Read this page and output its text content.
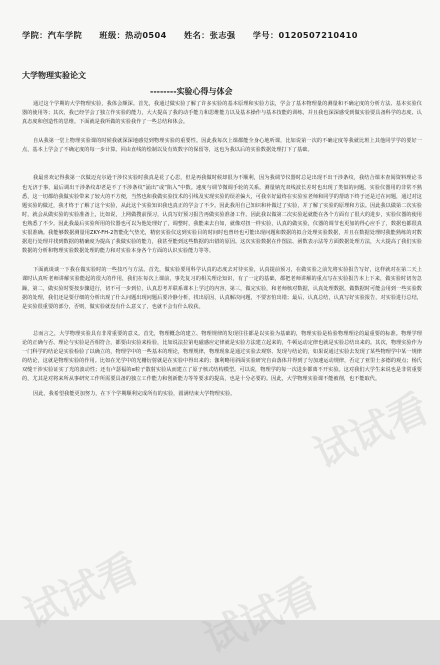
学院：汽车学院 班级：热动0504 姓名：张志强 学号：0120507210410
大学物理实验论文
--------实验心得与体会

通过这个学期的大学物理实验，我体会颇深。首先，我通过做实验了解了许多实验的基本原理和实验方法，学会了基本物理量的测量和不确定度的分析方法、基本实验仪器的使用等；其次，我已经学会了独立作实验的能力，大大提高了我的动手能力和思维能力以及基本操作与基本技能的训练，并且我也深深感受到做实验要具备科学的态度、认真态度和创造性的思维。下面就是我所做的实验我作了一些总结和体会。

自从我第一堂上物理实验课的时候我就深深地感觉到物理实验的重要性。因此我每次上课都能全身心地听课，比如说第一次的不确定度等我就比班上其他同学学的要好一点，基本上学会了不确定度的每一步计算。回由直线的绘制以及有效数字的保留等，这也为我以后的实验数据处理打下了基础。

我最喜欢记得我第一次做迈克尔逊干涉仪实验时我真是花了心思，但是再我做时候却很为不顺利，因为我调节仪器时总是出现不出干涉条纹，我结合课本查阅资料理论书也无济于事，最后调出干涉条纹却老是不了不涉条纹“涌出”或“陷入”中数。速度与调节微调手轮的关系。测量钠光双线波长差时也出现了类似的问题。实验仪器用的非常不熟悉，这一切都给我做实验带来了较大的不方便，当然也和我做实验技术的引线及实现实验的误差偏大，可我幸好最终在实验室老师和同学的帮助下终于还是过在问题，通过对这题实验的做过，我才终于了解了这个实验，从此这个实验知识我也真正的学会了不少。因此我用自己知识和补做过了实验，并了解了实验的原理和方法。因此我以做第二次实验时，就会从做实验的实验准备上，比如说，上网做搜前预习，认真写好预习报告再做实验准备工作。因此我以做第二次实验起就能在各个方面有了很大的进步，实验仪器的使用也熟悉了不少。因此我最后实验所用的仪器也可以为他处理好了，调整时，我能来去自如，就像对扭一样实验，认真的做实验，仪器的调节也更加的得心应手了，数据也都很真实很准确。我能够数据测量用ZKY-FH-2智能化气垫光，精密实验仪这到实验目的时间时也曾经也可能出现问题和数据的拟合处理实验数据，并且在数据处理时我能熟练的对数据进行处理并找到数据的精确度为提高了我做实验的能力，我甚至能到这些数据的出错的原因。这次实验数据在作图法、函数表示法等方面数据处理方法，大大提高了我们实验数据的分析和物理实验数据处理的能力和对实验本身各个方面的认识实验能力等等。

下面就谈谈一下我在做实验时的一些技巧与方法。首先，做实验要用科学认真的态度去对待实验，认真提前预习，在做实验之前先将实验报告写好，这样就对在第二天上课时认真听老师讲解实验能起的很大的作用，我们在每次上课前，事先复习的相关理论知识，有了一定的基础，都把老师讲解的重点写在实验报告本上下来，做实验时切勿急躁，第二，做实验时要按步骤进行，切不可一步到位，认真思考并联系课本上学过的内容，第三，做完实验，和老师核对数据，认真处理数据，做数据时可能会用到一些实验数据的处理，我们还是要仔细的分析出现了什么问题出现问题后要冷静分析，找出原因，认真解决问题，不要害怕出错；最后，认真总结，认真写好实验报告，对实验进行总结，是实验很重要的部分，否则，做实验就没有什么意义了，也就不会有什么收获。

总而言之，大学物理实验具有非常重要的意义。首先，物理概念的建立、物理规律的发现往往都是以实验为基础的，物理实验是检验物理理论的最重要的标准。物理学理论的正确与否、理论与实验是否相符合，都要由实验来检验，比如说法拉第电磁感应定律就是实验方法建立起来的，牛顿运动定律也就是实验总结出来的。其次，物理实验作为一门科学的结论是实验检验了以确立的，物理学中的一些基本的理论，物理规律，物理现象是通过实验去观察、发现与结论的，如果说通过实验去发现了某些物理学中某一规律的结论，这就是物理实验的作用。比如在光学中的光栅衍射就是在实验中得出来的；伽利略用斜面实验研究自由落体并得到了匀加速运动规律，否定了亚里士多德的观点；杨氏双缝干涉实验证实了光的波动性；还有卢瑟福的α粒子散射实验从而建立了原子核式结构模型。可以说，物理学的每一次进步都离不开实验。这对我们大学生来说也是非常重要的，尤其是对将来所从事研究工作所需要具备的独立工作能力和创新能力等等要求的提高，也是十分必要的。因此，大学物理实验课不能被削，也不能取代。

因此，我希望我能更加努力，在下个学期顺利完成所有的实验，圆满结束大学物理实验。

试试看 试试看
试试看
